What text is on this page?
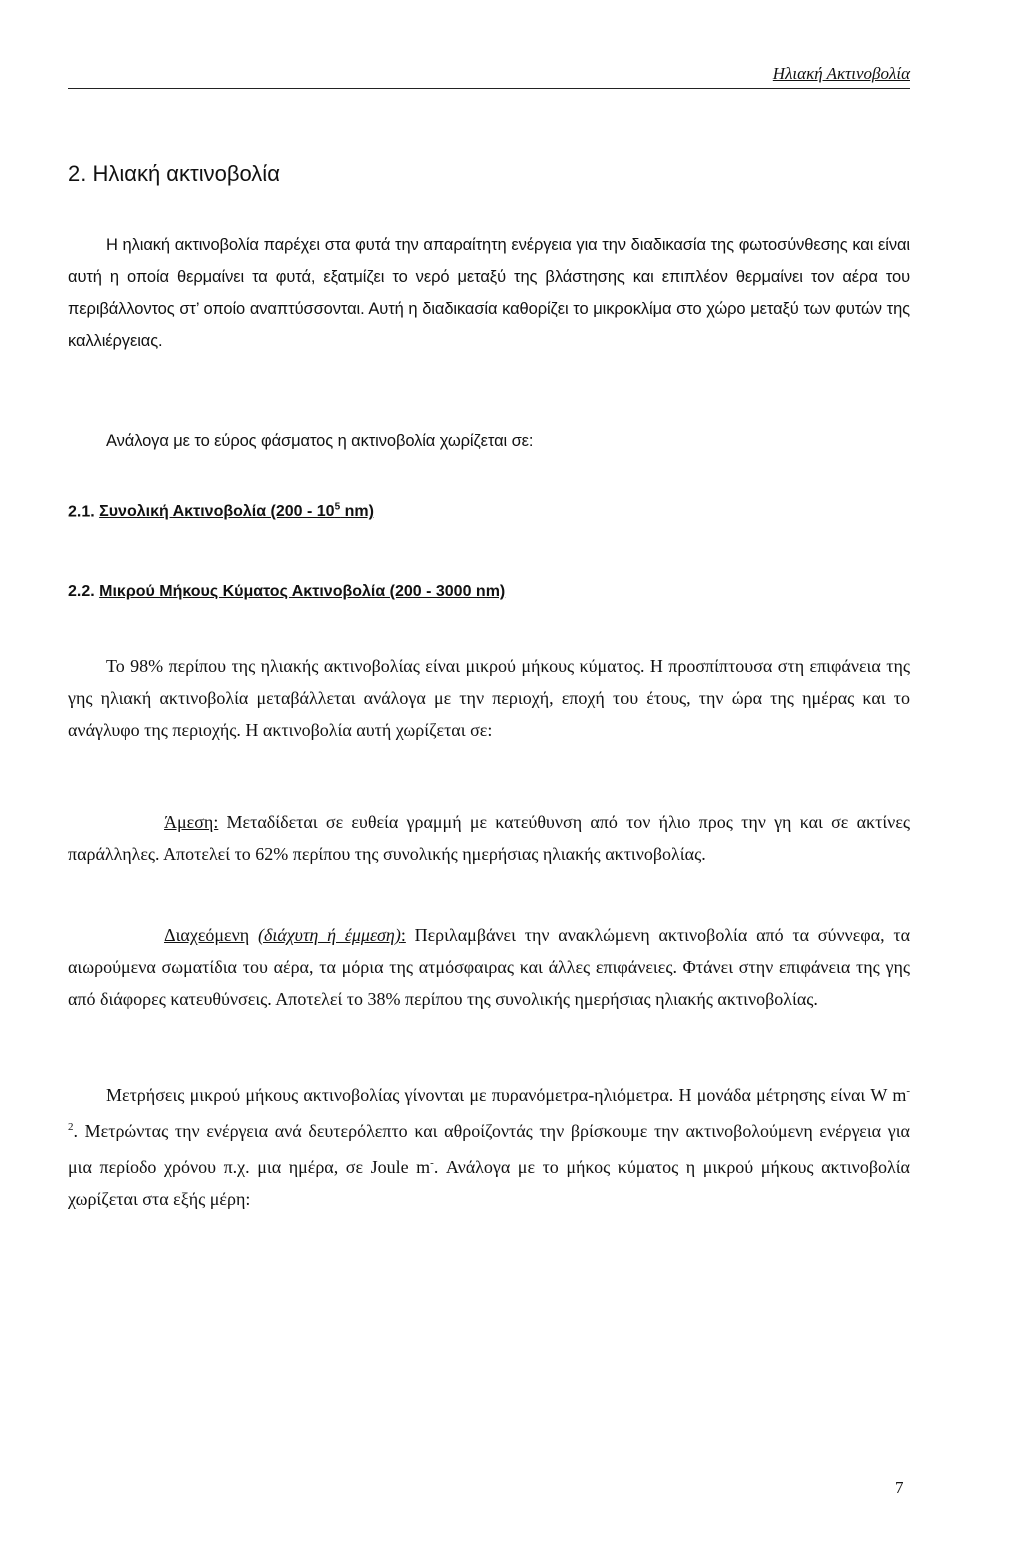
Ηλιακή Ακτινοβολία
2. Ηλιακή ακτινοβολία

Η ηλιακή ακτινοβολία παρέχει στα φυτά την απαραίτητη ενέργεια για την διαδικασία της φωτοσύνθεσης και είναι αυτή η οποία θερμαίνει τα φυτά, εξατμίζει το νερό μεταξύ της βλάστησης και επιπλέον θερμαίνει τον αέρα του περιβάλλοντος στ’ οποίο αναπτύσσονται. Αυτή η διαδικασία καθορίζει το μικροκλίμα στο χώρο μεταξύ των φυτών της καλλιέργειας.

Ανάλογα με το εύρος φάσματος η ακτινοβολία χωρίζεται σε:

2.1. Συνολική Ακτινοβολία ($200 - 10^5$ nm)
2.2. Μικρού Μήκους Κύματος Ακτινοβολία (200 - 3000 nm)

Το 98% περίπου της ηλιακής ακτινοβολίας είναι μικρού μήκους κύματος. Η προσπίπτουσα στη επιφάνεια της γης ηλιακή ακτινοβολία μεταβάλλεται ανάλογα με την περιοχή, εποχή του έτους, την ώρα της ημέρας και το ανάγλυφο της περιοχής. Η ακτινοβολία αυτή χωρίζεται σε:

Άμεση: Μεταδίδεται σε ευθεία γραμμή με κατεύθυνση από τον ήλιο προς την γη και σε ακτίνες παράλληλες. Αποτελεί το 62% περίπου της συνολικής ημερήσιας ηλιακής ακτινοβολίας.

Διαχεόμενη (διάχυτη ή έμμεση): Περιλαμβάνει την ανακλώμενη ακτινοβολία από τα σύννεφα, τα αιωρούμενα σωματίδια του αέρα, τα μόρια της ατμόσφαιρας και άλλες επιφάνειες. Φτάνει στην επιφάνεια της γης από διάφορες κατευθύνσεις. Αποτελεί το 38% περίπου της συνολικής ημερήσιας ηλιακής ακτινοβολίας.

Μετρήσεις μικρού μήκους ακτινοβολίας γίνονται με πυρανόμετρα-ηλιόμετρα. Η μονάδα μέτρησης είναι W $m^{-2}$. Μετρώντας την ενέργεια ανά δευτερόλεπτο και αθροίζοντάς την βρίσκουμε την ακτινοβολούμενη ενέργεια για μια περίοδο χρόνου π.χ. μια ημέρα, σε Joule m-. Ανάλογα με το μήκος κύματος η μικρού μήκους ακτινοβολία χωρίζεται στα εξής μέρη:

7
